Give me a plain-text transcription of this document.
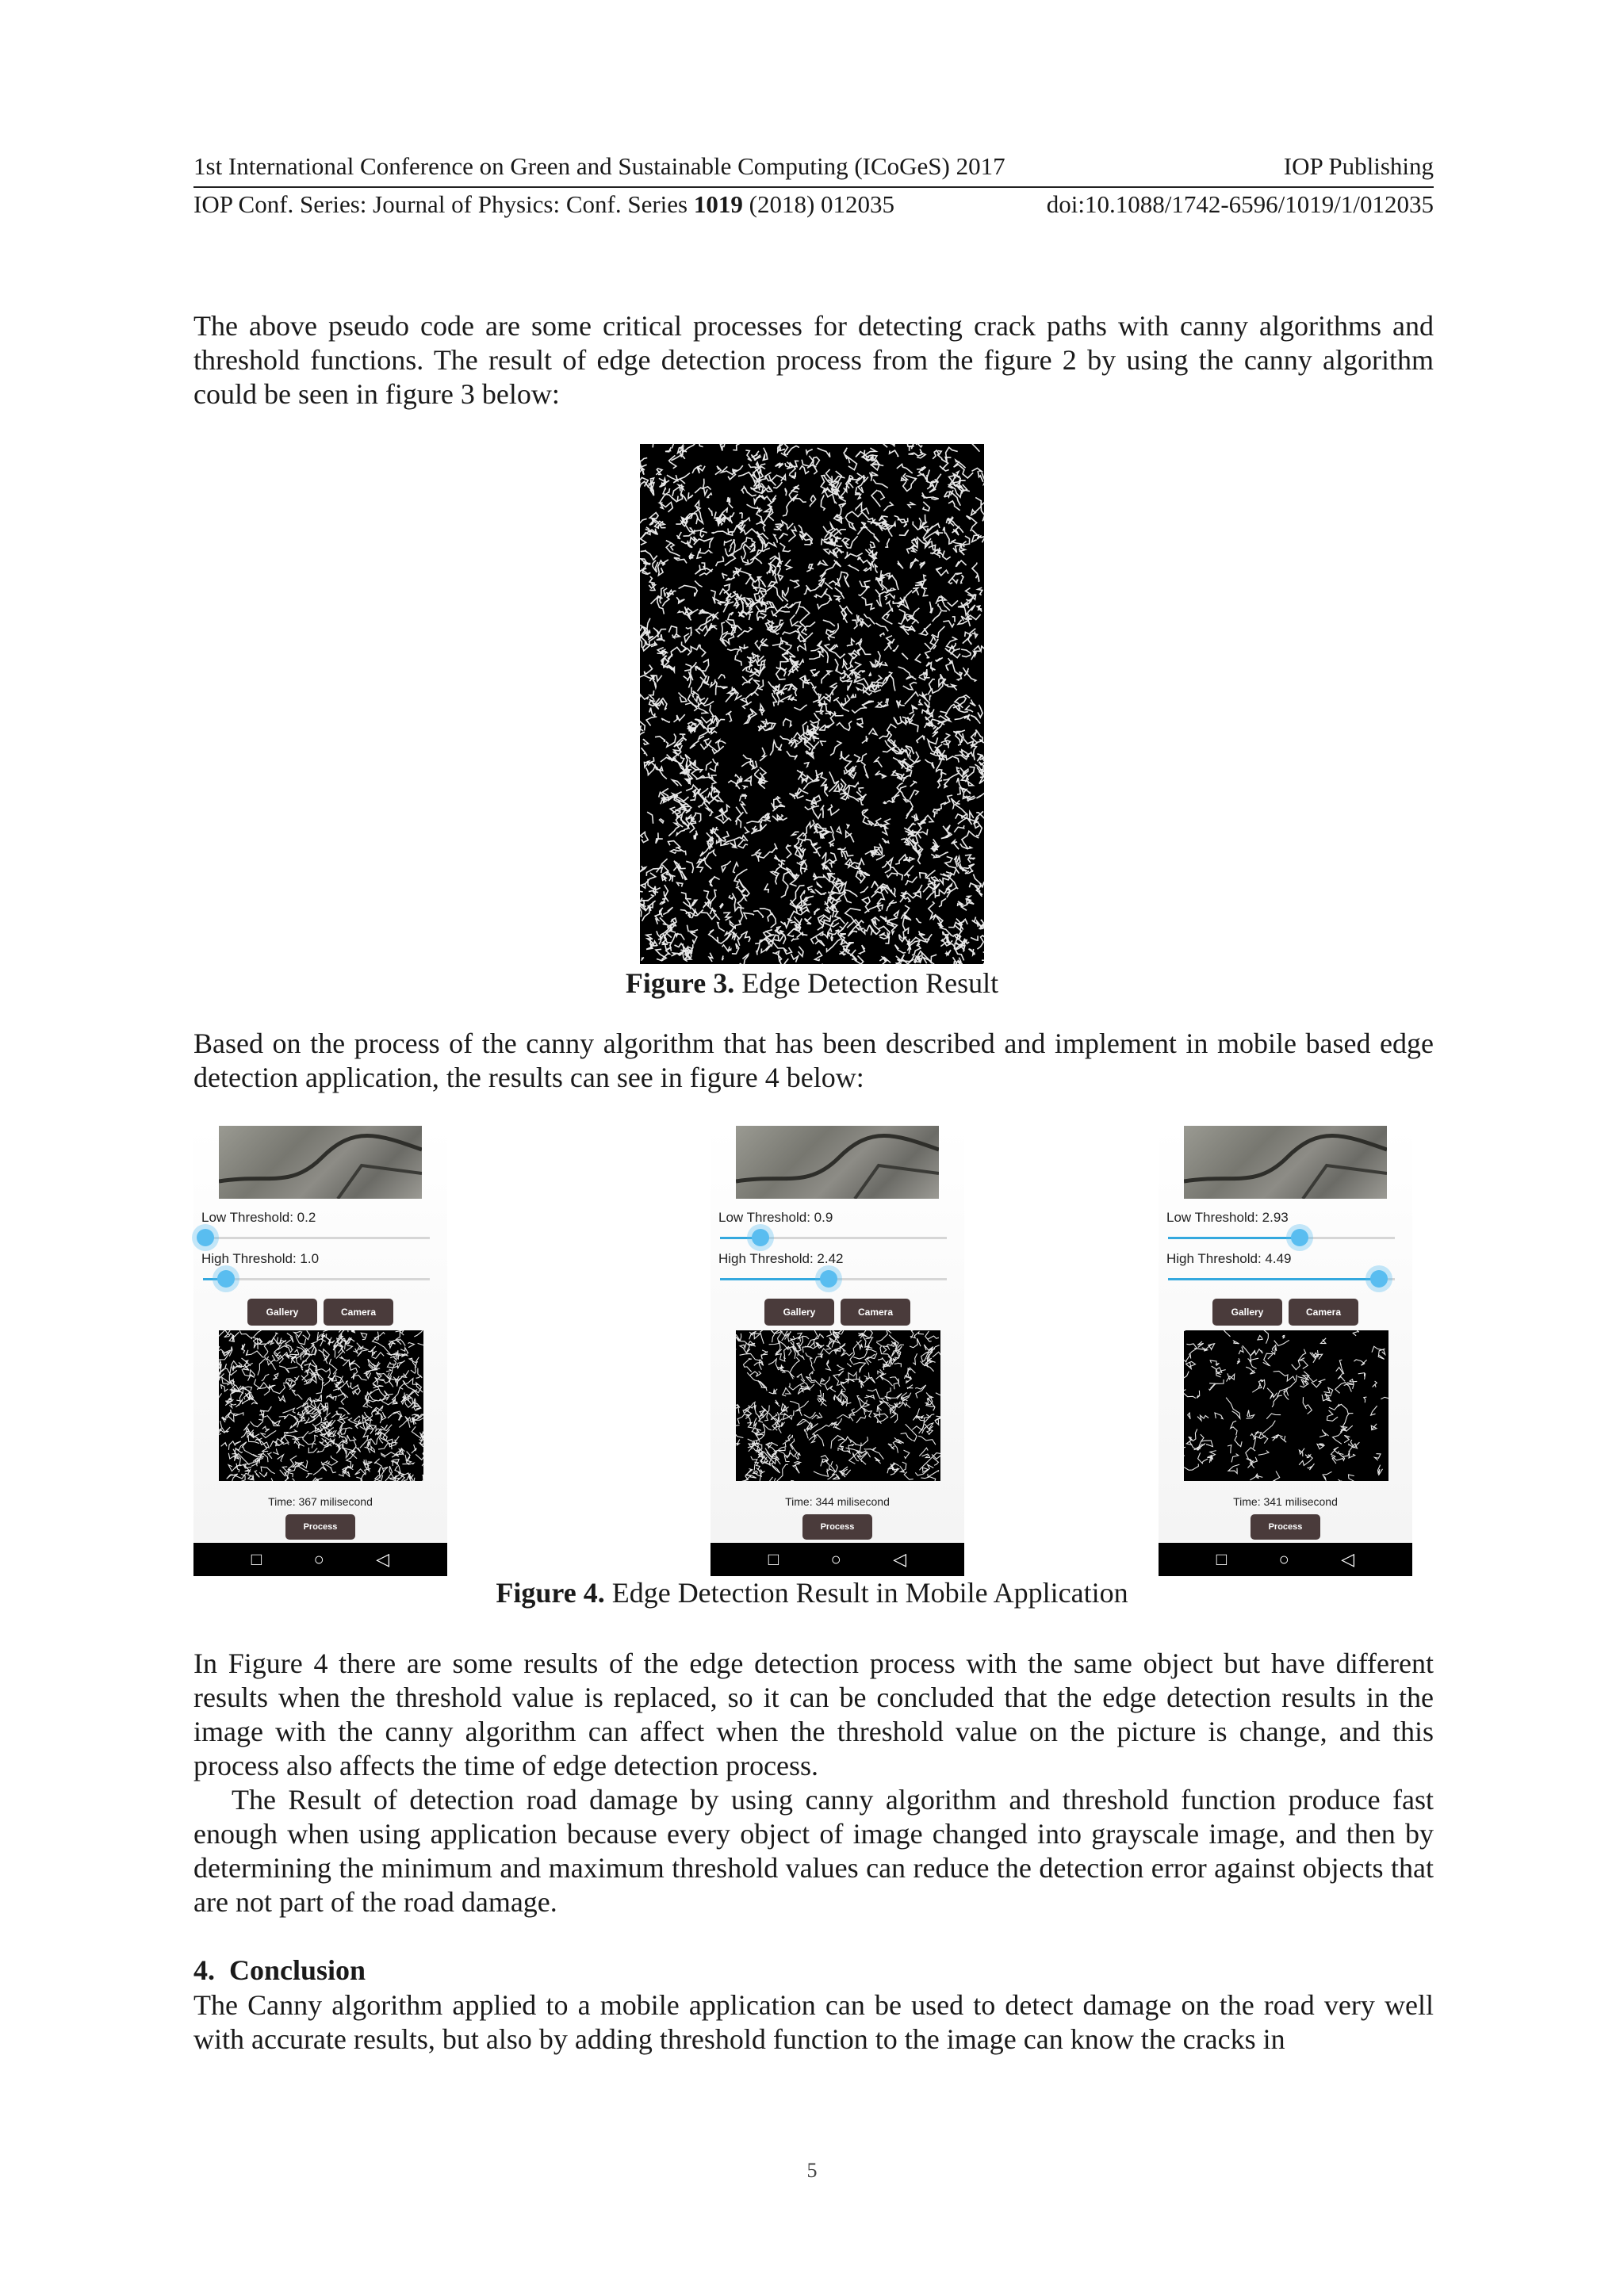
1st International Conference on Green and Sustainable Computing (ICoGeS) 2017	IOP Publishing
IOP Conf. Series: Journal of Physics: Conf. Series 1019 (2018) 012035	doi:10.1088/1742-6596/1019/1/012035

The above pseudo code are some critical processes for detecting crack paths with canny algorithms and threshold functions. The result of edge detection process from the figure 2 by using the canny algorithm could be seen in figure 3 below:

Figure 3. Edge Detection Result

Based on the process of the canny algorithm that has been described and implement in mobile based edge detection application, the results can see in figure 4 below:

Low Threshold: 0.2
High Threshold: 1.0
Gallery	Camera
Time: 367 milisecond
Process
□	○	◁
Low Threshold: 0.9
High Threshold: 2.42
Gallery	Camera
Time: 344 milisecond
Process
□	○	◁
Low Threshold: 2.93
High Threshold: 4.49
Gallery	Camera
Time: 341 milisecond
Process
□	○	◁
Figure 4. Edge Detection Result in Mobile Application

In Figure 4 there are some results of the edge detection process with the same object but have different results when the threshold value is replaced, so it can be concluded that the edge detection results in the image with the canny algorithm can affect when the threshold value on the picture is change, and this process also affects the time of edge detection process.

The Result of detection road damage by using canny algorithm and threshold function produce fast enough when using application because every object of image changed into grayscale image, and then by determining the minimum and maximum threshold values can reduce the detection error against objects that are not part of the road damage.

4. Conclusion

The Canny algorithm applied to a mobile application can be used to detect damage on the road very well with accurate results, but also by adding threshold function to the image can know the cracks in

5
